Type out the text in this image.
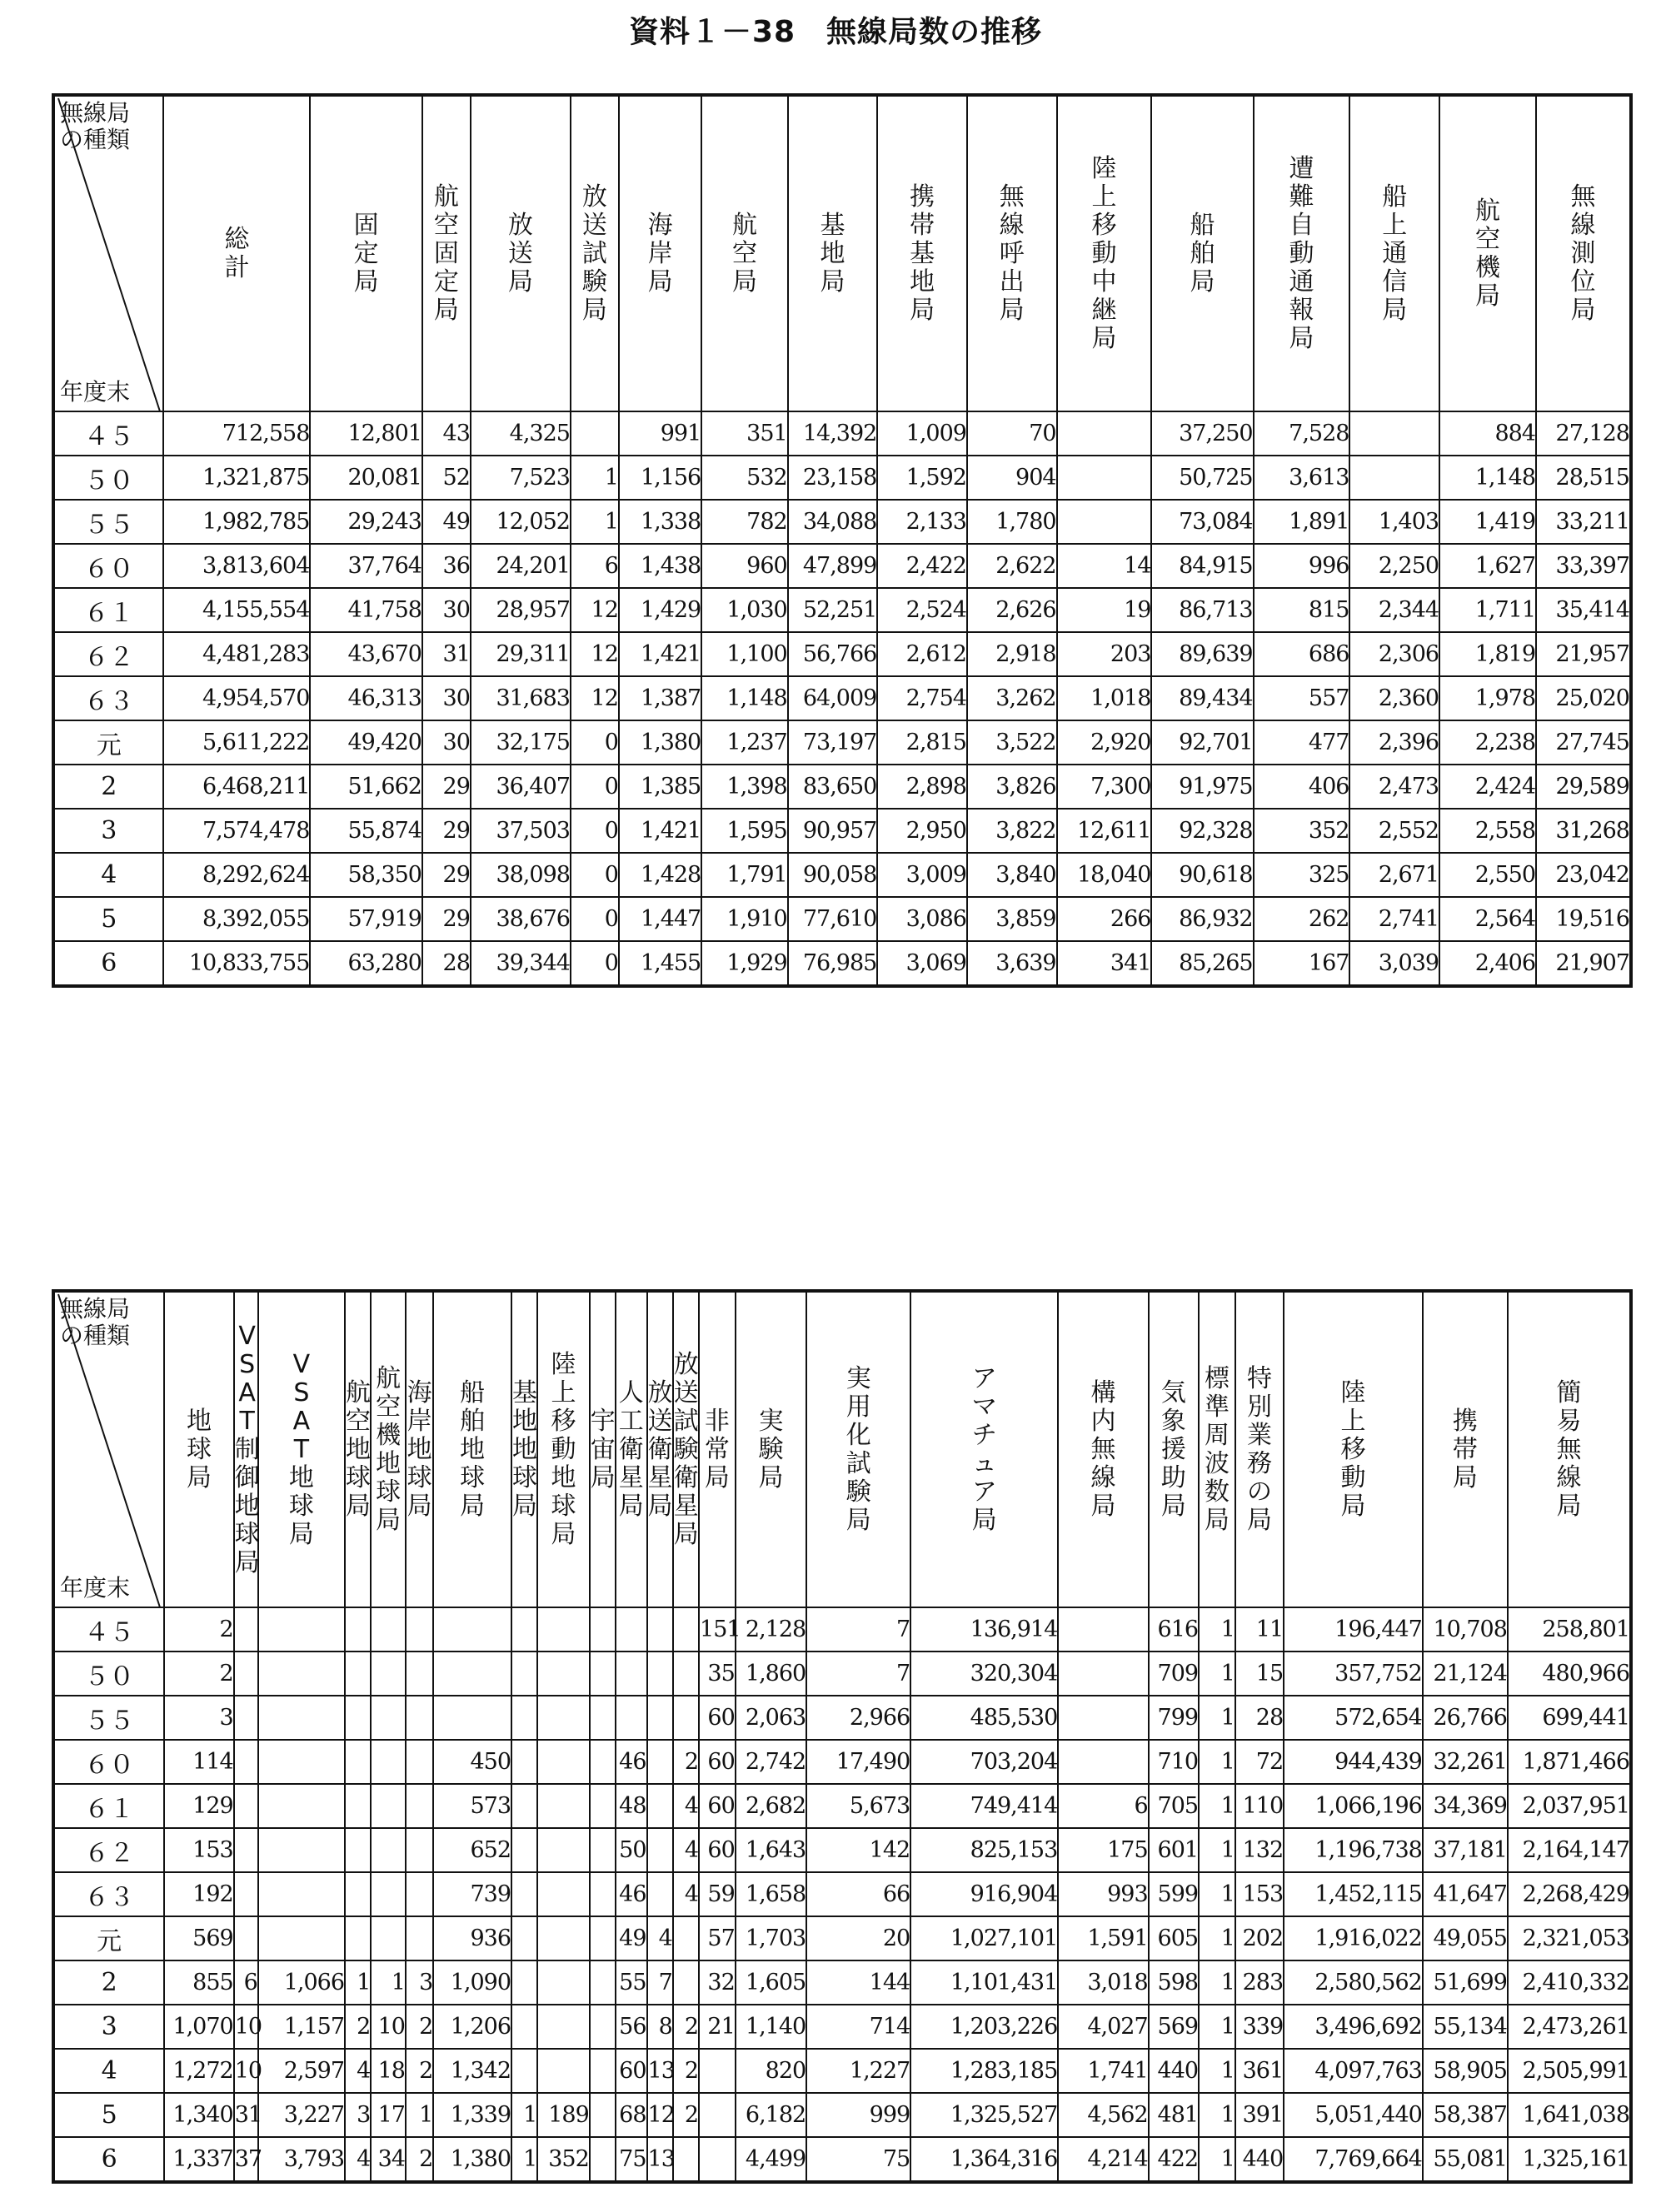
資料１－38　無線局数の推移
無線局
の種類
年度末	総計	固定局	航空固定局	放送局	放送試験局	海岸局	航空局	基地局	携帯基地局	無線呼出局	陸上移動中継局	船舶局	遭難自動通報局	船上通信局	航空機局	無線測位局
４５	712,558	12,801	43	4,325		991	351	14,392	1,009	70		37,250	7,528		884	27,128
５０	1,321,875	20,081	52	7,523	1	1,156	532	23,158	1,592	904		50,725	3,613		1,148	28,515
５５	1,982,785	29,243	49	12,052	1	1,338	782	34,088	2,133	1,780		73,084	1,891	1,403	1,419	33,211
６０	3,813,604	37,764	36	24,201	6	1,438	960	47,899	2,422	2,622	14	84,915	996	2,250	1,627	33,397
６１	4,155,554	41,758	30	28,957	12	1,429	1,030	52,251	2,524	2,626	19	86,713	815	2,344	1,711	35,414
６２	4,481,283	43,670	31	29,311	12	1,421	1,100	56,766	2,612	2,918	203	89,639	686	2,306	1,819	21,957
６３	4,954,570	46,313	30	31,683	12	1,387	1,148	64,009	2,754	3,262	1,018	89,434	557	2,360	1,978	25,020
元	5,611,222	49,420	30	32,175	0	1,380	1,237	73,197	2,815	3,522	2,920	92,701	477	2,396	2,238	27,745
2	6,468,211	51,662	29	36,407	0	1,385	1,398	83,650	2,898	3,826	7,300	91,975	406	2,473	2,424	29,589
3	7,574,478	55,874	29	37,503	0	1,421	1,595	90,957	2,950	3,822	12,611	92,328	352	2,552	2,558	31,268
4	8,292,624	58,350	29	38,098	0	1,428	1,791	90,058	3,009	3,840	18,040	90,618	325	2,671	2,550	23,042
5	8,392,055	57,919	29	38,676	0	1,447	1,910	77,610	3,086	3,859	266	86,932	262	2,741	2,564	19,516
6	10,833,755	63,280	28	39,344	0	1,455	1,929	76,985	3,069	3,639	341	85,265	167	3,039	2,406	21,907
無線局
の種類
年度末	地球局	VSAT制御地球局	VSAT地球局	航空地球局	航空機地球局	海岸地球局	船舶地球局	基地地球局	陸上移動地球局	宇宙局	人工衛星局	放送衛星局	放送試験衛星局	非常局	実験局	実用化試験局	アマチュア局	構内無線局	気象援助局	標準周波数局	特別業務の局	陸上移動局	携帯局	簡易無線局
４５	2													151	2,128	7	136,914		616	1	11	196,447	10,708	258,801
５０	2													35	1,860	7	320,304		709	1	15	357,752	21,124	480,966
５５	3													60	2,063	2,966	485,530		799	1	28	572,654	26,766	699,441
６０	114						450				46		2	60	2,742	17,490	703,204		710	1	72	944,439	32,261	1,871,466
６１	129						573				48		4	60	2,682	5,673	749,414	6	705	1	110	1,066,196	34,369	2,037,951
６２	153						652				50		4	60	1,643	142	825,153	175	601	1	132	1,196,738	37,181	2,164,147
６３	192						739				46		4	59	1,658	66	916,904	993	599	1	153	1,452,115	41,647	2,268,429
元	569						936				49	4		57	1,703	20	1,027,101	1,591	605	1	202	1,916,022	49,055	2,321,053
2	855	6	1,066	1	1	3	1,090				55	7		32	1,605	144	1,101,431	3,018	598	1	283	2,580,562	51,699	2,410,332
3	1,070	10	1,157	2	10	2	1,206				56	8	2	21	1,140	714	1,203,226	4,027	569	1	339	3,496,692	55,134	2,473,261
4	1,272	10	2,597	4	18	2	1,342				60	13	2		820	1,227	1,283,185	1,741	440	1	361	4,097,763	58,905	2,505,991
5	1,340	31	3,227	3	17	1	1,339	1	189		68	12	2		6,182	999	1,325,527	4,562	481	1	391	5,051,440	58,387	1,641,038
6	1,337	37	3,793	4	34	2	1,380	1	352		75	13			4,499	75	1,364,316	4,214	422	1	440	7,769,664	55,081	1,325,161
